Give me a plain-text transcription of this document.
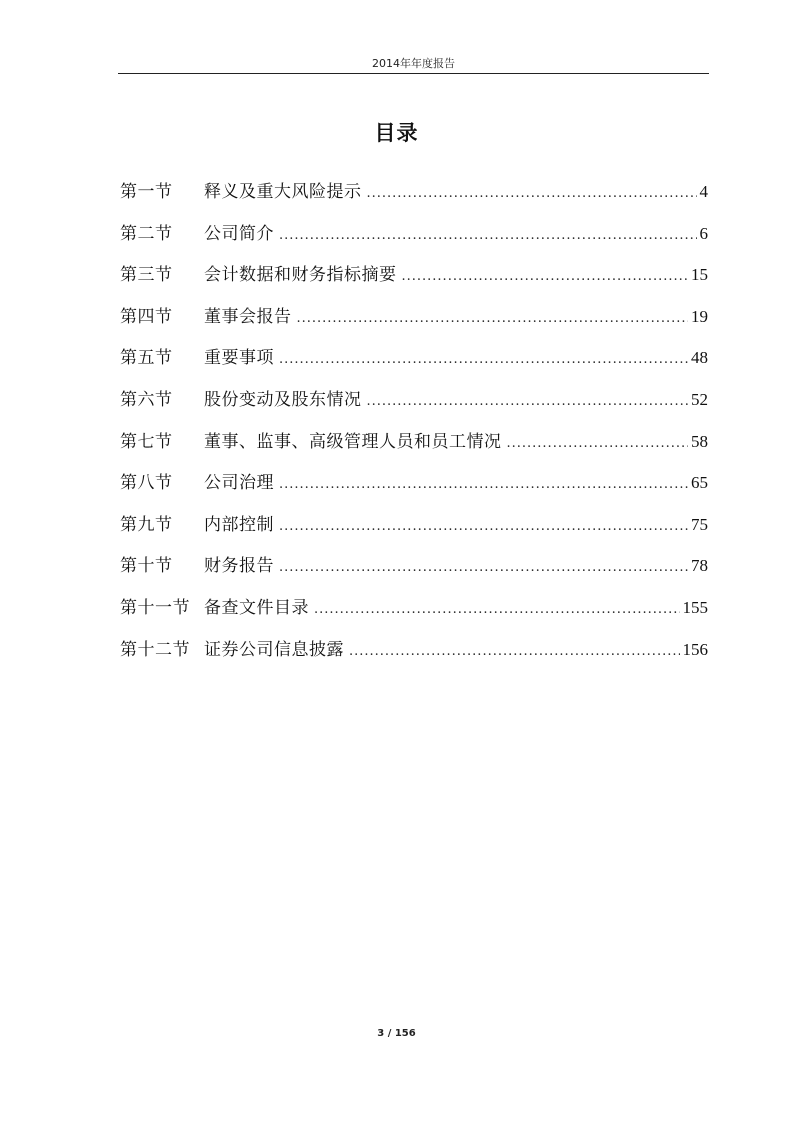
2014年年度报告
目录
第一节	释义及重大风险提示 .....	4
第二节	公司简介 .....	6
第三节	会计数据和财务指标摘要 .....	15
第四节	董事会报告 .....	19
第五节	重要事项 .....	48
第六节	股份变动及股东情况 .....	52
第七节	董事、监事、高级管理人员和员工情况 .....	58
第八节	公司治理 .....	65
第九节	内部控制 .....	75
第十节	财务报告 .....	78
第十一节 备查文件目录 .....	155
第十二节 证券公司信息披露 .....	156
3 / 156
